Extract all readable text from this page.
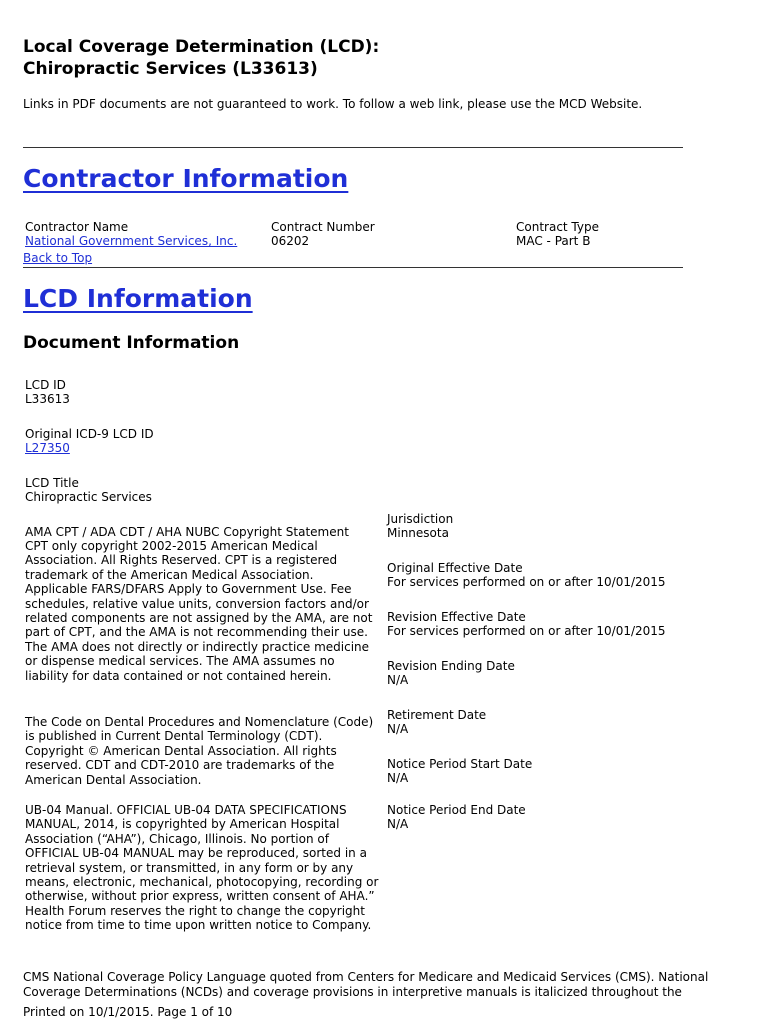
Local Coverage Determination (LCD):
Chiropractic Services (L33613)
Links in PDF documents are not guaranteed to work. To follow a web link, please use the MCD Website.
Contractor Information
Contractor Name
National Government Services, Inc.
Back to Top
Contract Number
06202
Contract Type
MAC - Part B
LCD Information
Document Information
LCD ID
L33613
Original ICD-9 LCD ID
L27350
LCD Title
Chiropractic Services
AMA CPT / ADA CDT / AHA NUBC Copyright Statement
CPT only copyright 2002-2015 American Medical Association. All Rights Reserved. CPT is a registered trademark of the American Medical Association. Applicable FARS/DFARS Apply to Government Use. Fee schedules, relative value units, conversion factors and/or related components are not assigned by the AMA, are not part of CPT, and the AMA is not recommending their use. The AMA does not directly or indirectly practice medicine or dispense medical services. The AMA assumes no liability for data contained or not contained herein.
The Code on Dental Procedures and Nomenclature (Code) is published in Current Dental Terminology (CDT). Copyright © American Dental Association. All rights reserved. CDT and CDT-2010 are trademarks of the American Dental Association.
UB-04 Manual. OFFICIAL UB-04 DATA SPECIFICATIONS MANUAL, 2014, is copyrighted by American Hospital Association (“AHA”), Chicago, Illinois. No portion of OFFICIAL UB-04 MANUAL may be reproduced, sorted in a retrieval system, or transmitted, in any form or by any means, electronic, mechanical, photocopying, recording or otherwise, without prior express, written consent of AHA.” Health Forum reserves the right to change the copyright notice from time to time upon written notice to Company.
Jurisdiction
Minnesota
Original Effective Date
For services performed on or after 10/01/2015
Revision Effective Date
For services performed on or after 10/01/2015
Revision Ending Date
N/A
Retirement Date
N/A
Notice Period Start Date
N/A
Notice Period End Date
N/A
CMS National Coverage Policy Language quoted from Centers for Medicare and Medicaid Services (CMS). National
Coverage Determinations (NCDs) and coverage provisions in interpretive manuals is italicized throughout the
Printed on 10/1/2015. Page 1 of 10
